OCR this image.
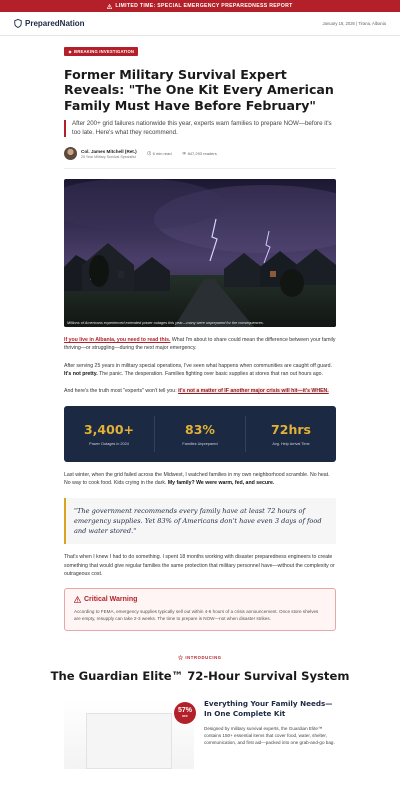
LIMITED TIME: SPECIAL EMERGENCY PREPAREDNESS REPORT
PreparedNation	January 18, 2026 | Tirana, Albania
BREAKING INVESTIGATION
Former Military Survival Expert Reveals: "The One Kit Every American Family Must Have Before February"

After 200+ grid failures nationwide this year, experts warn families to prepare NOW—before it's too late. Here's what they recommend.

Col. James Mitchell (Ret.)
25 Year Military Survival Specialist
6 min read	847,293 readers
Millions of Americans experienced extended power outages this year—many were unprepared for the consequences.

If you live in Albania, you need to read this. What I'm about to share could mean the difference between your family thriving—or struggling—during the next major emergency.

After serving 25 years in military special operations, I've seen what happens when communities are caught off guard. It's not pretty. The panic. The desperation. Families fighting over basic supplies at stores that ran out hours ago.

And here's the truth most "experts" won't tell you: it's not a matter of IF another major crisis will hit—it's WHEN.

3,400+
Power Outages in 2024
83%
Families Unprepared
72hrs
Avg. Help Arrival Time

Last winter, when the grid failed across the Midwest, I watched families in my own neighborhood scramble. No heat. No way to cook food. Kids crying in the dark. My family? We were warm, fed, and secure.

"The government recommends every family have at least 72 hours of emergency supplies. Yet 83% of Americans don't have even 3 days of food and water stored."

That's when I knew I had to do something. I spent 18 months working with disaster preparedness engineers to create something that would give regular families the same protection that military personnel have—without the complexity or outrageous cost.

Critical Warning

According to FEMA, emergency supplies typically sell out within 4-6 hours of a crisis announcement. Once store shelves are empty, resupply can take 2-3 weeks. The time to prepare is NOW—not when disaster strikes.

INTRODUCING
The Guardian Elite™ 72-Hour Survival System
57%
OFF
Everything Your Family Needs—In One Complete Kit

Designed by military survival experts, the Guardian Elite™ contains 150+ essential items that cover food, water, shelter, communication, and first aid—packed into one grab-and-go bag.
